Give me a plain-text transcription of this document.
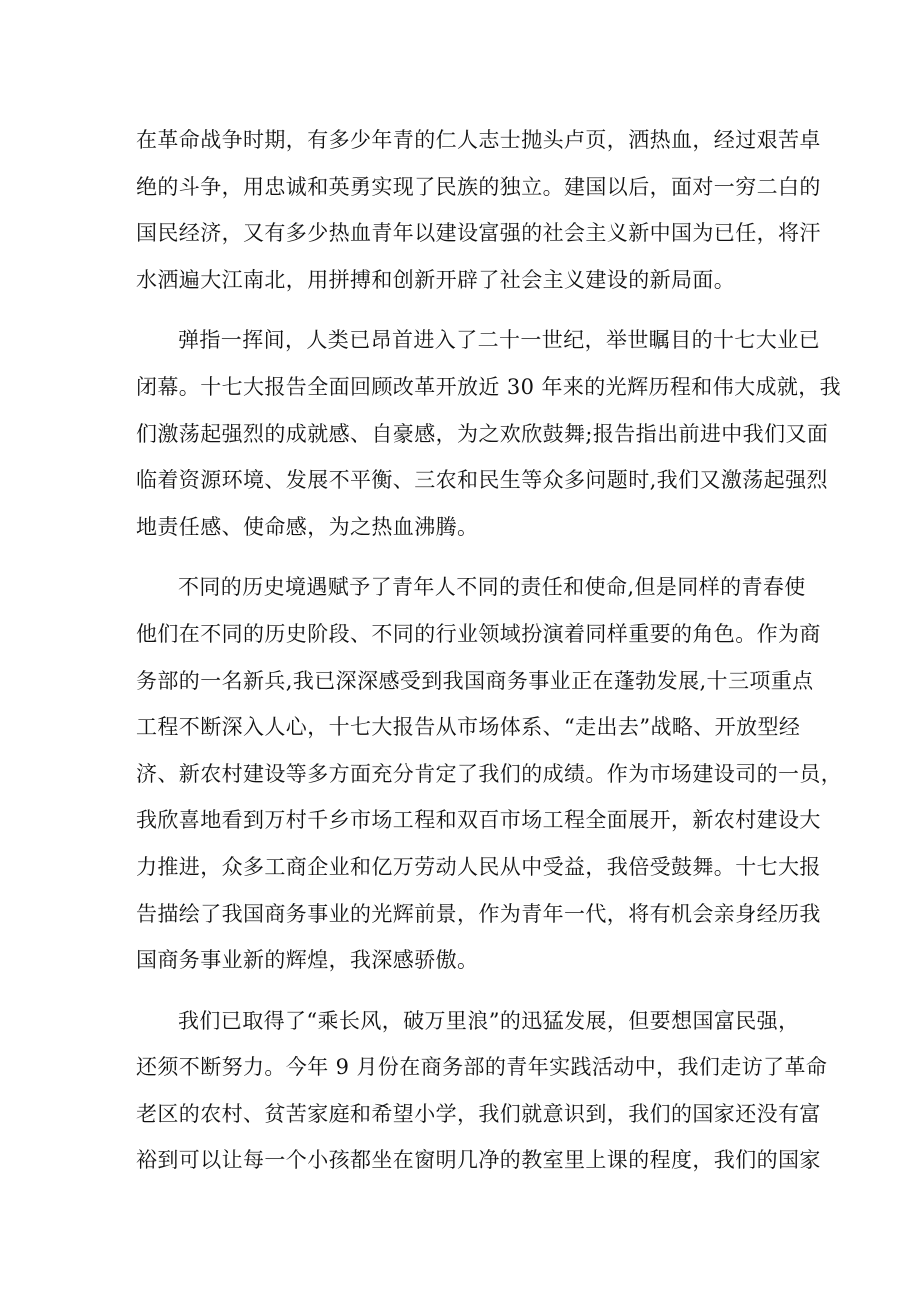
在革命战争时期，有多少年青的仁人志士抛头卢页，洒热血，经过艰苦卓
绝的斗争，用忠诚和英勇实现了民族的独立。建国以后，面对一穷二白的
国民经济，又有多少热血青年以建设富强的社会主义新中国为已任，将汗
水洒遍大江南北，用拼搏和创新开辟了社会主义建设的新局面。
弹指一挥间，人类已昂首进入了二十一世纪，举世瞩目的十七大业已
闭幕。十七大报告全面回顾改革开放近 30 年来的光辉历程和伟大成就，我
们激荡起强烈的成就感、自豪感，为之欢欣鼓舞;报告指出前进中我们又面
临着资源环境、发展不平衡、三农和民生等众多问题时,我们又激荡起强烈
地责任感、使命感，为之热血沸腾。
不同的历史境遇赋予了青年人不同的责任和使命,但是同样的青春使
他们在不同的历史阶段、不同的行业领域扮演着同样重要的角色。作为商
务部的一名新兵,我已深深感受到我国商务事业正在蓬勃发展,十三项重点
工程不断深入人心，十七大报告从市场体系、“走出去”战略、开放型经
济、新农村建设等多方面充分肯定了我们的成绩。作为市场建设司的一员，
我欣喜地看到万村千乡市场工程和双百市场工程全面展开，新农村建设大
力推进，众多工商企业和亿万劳动人民从中受益，我倍受鼓舞。十七大报
告描绘了我国商务事业的光辉前景，作为青年一代，将有机会亲身经历我
国商务事业新的辉煌，我深感骄傲。
我们已取得了“乘长风，破万里浪”的迅猛发展，但要想国富民强，
还须不断努力。今年 9 月份在商务部的青年实践活动中，我们走访了革命
老区的农村、贫苦家庭和希望小学，我们就意识到，我们的国家还没有富
裕到可以让每一个小孩都坐在窗明几净的教室里上课的程度，我们的国家
